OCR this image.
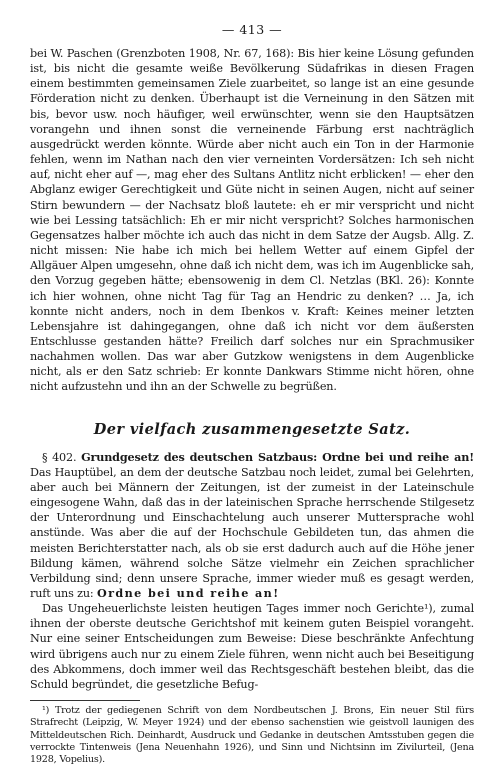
— 413 —

bei W. Paschen (Grenzboten 1908, Nr. 67, 168): Bis hier keine Lösung gefunden ist, bis nicht die gesamte weiße Bevölkerung Südafrikas in diesen Fragen einem bestimmten gemeinsamen Ziele zuarbeitet, so lange ist an eine gesunde Förderation nicht zu denken. Überhaupt ist die Verneinung in den Sätzen mit bis, bevor usw. noch häufiger, weil erwünschter, wenn sie den Hauptsätzen vorangehn und ihnen sonst die verneinende Färbung erst nachträglich ausgedrückt werden könnte. Würde aber nicht auch ein Ton in der Harmonie fehlen, wenn im Nathan nach den vier verneinten Vordersätzen: Ich seh nicht auf, nicht eher auf —, mag eher des Sultans Antlitz nicht erblicken! — eher den Abglanz ewiger Gerechtigkeit und Güte nicht in seinen Augen, nicht auf seiner Stirn bewundern — der Nachsatz bloß lautete: eh er mir verspricht und nicht wie bei Lessing tatsächlich: Eh er mir nicht verspricht? Solches harmonischen Gegensatzes halber möchte ich auch das nicht in dem Satze der Augsb. Allg. Z. nicht missen: Nie habe ich mich bei hellem Wetter auf einem Gipfel der Allgäuer Alpen umgesehn, ohne daß ich nicht dem, was ich im Augenblicke sah, den Vorzug gegeben hätte; ebensowenig in dem Cl. Netzlas (BKl. 26): Konnte ich hier wohnen, ohne nicht Tag für Tag an Hendric zu denken? … Ja, ich konnte nicht anders, noch in dem Ibenkos v. Kraft: Keines meiner letzten Lebensjahre ist dahingegangen, ohne daß ich nicht vor dem äußersten Entschlusse gestanden hätte? Freilich darf solches nur ein Sprachmusiker nachahmen wollen. Das war aber Gutzkow wenigstens in dem Augenblicke nicht, als er den Satz schrieb: Er konnte Dankwars Stimme nicht hören, ohne nicht aufzustehn und ihn an der Schwelle zu begrüßen.

Der vielfach zusammengesetzte Satz.

§ 402. Grundgesetz des deutschen Satzbaus: Ordne bei und reihe an! Das Hauptübel, an dem der deutsche Satzbau noch leidet, zumal bei Gelehrten, aber auch bei Männern der Zeitungen, ist der zumeist in der Lateinschule eingesogene Wahn, daß das in der lateinischen Sprache herrschende Stilgesetz der Unterordnung und Einschachtelung auch unserer Muttersprache wohl anstünde. Was aber die auf der Hochschule Gebildeten tun, das ahmen die meisten Berichterstatter nach, als ob sie erst dadurch auch auf die Höhe jener Bildung kämen, während solche Sätze vielmehr ein Zeichen sprachlicher Verbildung sind; denn unsere Sprache, immer wieder muß es gesagt werden, ruft uns zu: Ordne bei und reihe an!

Das Ungeheuerlichste leisten heutigen Tages immer noch Gerichte¹), zumal ihnen der oberste deutsche Gerichtshof mit keinem guten Beispiel vorangeht. Nur eine seiner Entscheidungen zum Beweise: Diese beschränkte Anfechtung wird übrigens auch nur zu einem Ziele führen, wenn nicht auch bei Beseitigung des Abkommens, doch immer weil das Rechtsgeschäft bestehen bleibt, das die Schuld begründet, die gesetzliche Befug-

¹) Trotz der gediegenen Schrift von dem Nordbeutschen J. Brons, Ein neuer Stil fürs Strafrecht (Leipzig, W. Meyer 1924) und der ebenso sachenstien wie geistvoll launigen des Mitteldeutschen Rich. Deinhardt, Ausdruck und Gedanke in deutschen Amtsstuben gegen die verrockte Tintenweis (Jena Neuenhahn 1926), und Sinn und Nichtsinn im Zivilurteil, (Jena 1928, Vopelius).
